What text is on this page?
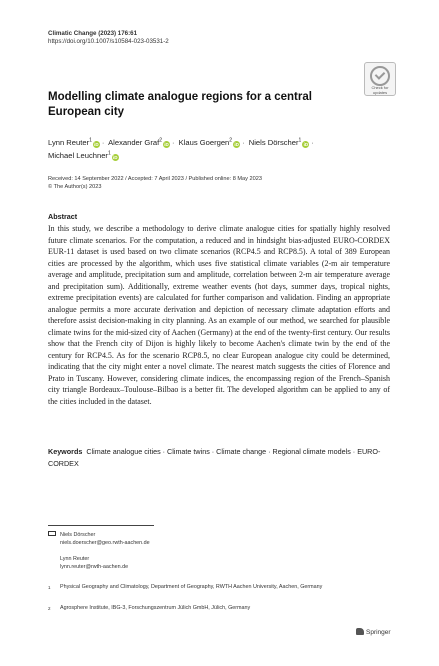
Climatic Change (2023) 176:61
https://doi.org/10.1007/s10584-023-03531-2
Check for
updates
Modelling climate analogue regions for a central European city
Lynn Reuter$^1$iD · Alexander Graf$^2$iD · Klaus Goergen$^2$iD · Niels Dörscher$^1$iD · Michael Leuchner$^1$iD
Received: 14 September 2022 / Accepted: 7 April 2023 / Published online: 8 May 2023
© The Author(s) 2023
Abstract
In this study, we describe a methodology to derive climate analogue cities for spatially highly resolved future climate scenarios. For the computation, a reduced and in hindsight bias-adjusted EURO-CORDEX EUR-11 dataset is used based on two climate scenarios (RCP4.5 and RCP8.5). A total of 389 European cities are processed by the algorithm, which uses five statistical climate variables (2-m air temperature average and amplitude, precipitation sum and amplitude, correlation between 2-m air temperature average and precipitation sum). Additionally, extreme weather events (hot days, summer days, tropical nights, extreme precipitation events) are calculated for further comparison and validation. Finding an appropriate analogue permits a more accurate derivation and depiction of necessary climate adaptation efforts and therefore assist decision-making in city planning. As an example of our method, we searched for plausible climate twins for the mid-sized city of Aachen (Germany) at the end of the twenty-first century. Our results show that the French city of Dijon is highly likely to become Aachen's climate twin by the end of the century for RCP4.5. As for the scenario RCP8.5, no clear European analogue city could be determined, indicating that the city might enter a novel climate. The nearest match suggests the cities of Florence and Prato in Tuscany. However, considering climate indices, the encompassing region of the French–Spanish city triangle Bordeaux–Toulouse–Bilbao is a better fit. The developed algorithm can be applied to any of the cities included in the dataset.
Keywords Climate analogue cities · Climate twins · Climate change · Regional climate models · EURO-CORDEX
Niels Dörscher
niels.doerscher@geo.rwth-aachen.de
Lynn Reuter
lynn.reuter@rwth-aachen.de
1 Physical Geography and Climatology, Department of Geography, RWTH Aachen University, Aachen, Germany
2 Agrosphere Institute, IBG-3, Forschungszentrum Jülich GmbH, Jülich, Germany
Springer
